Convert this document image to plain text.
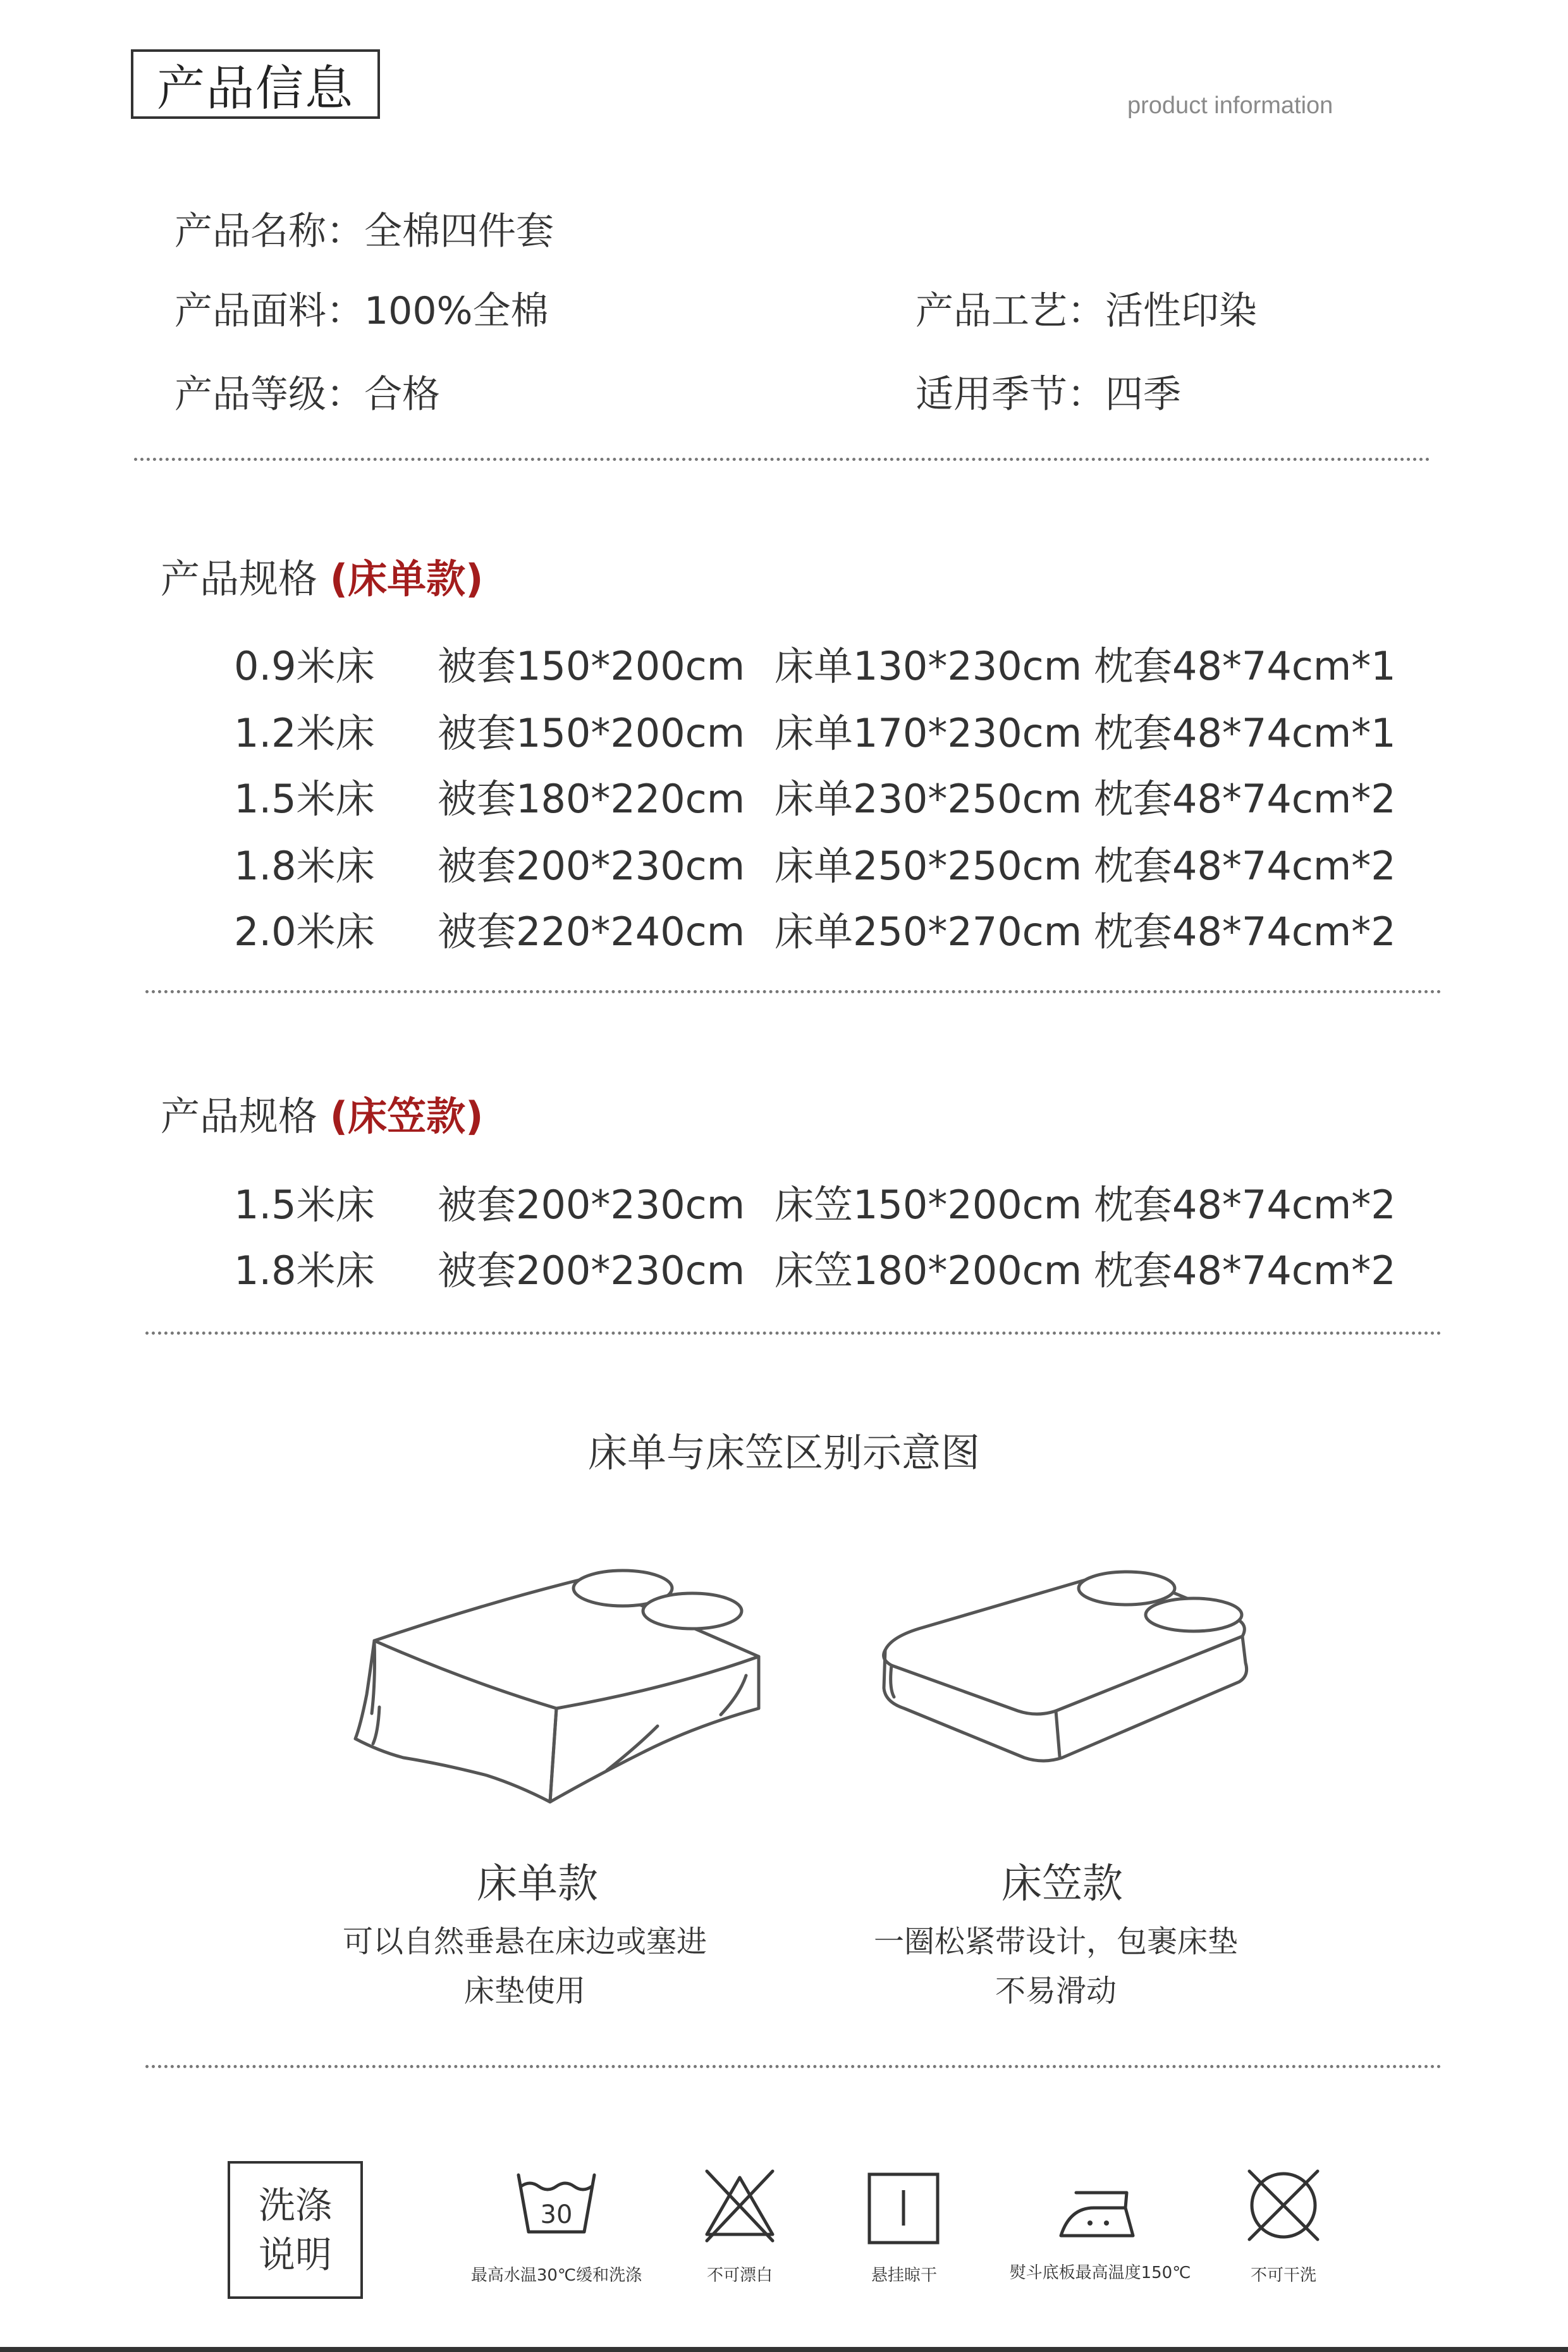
产品信息	product information
产品名称：全棉四件套
产品面料：100%全棉
产品等级：合格
产品工艺：活性印染
适用季节：四季
产品规格 (床单款)
0.9米床 被套150*200cm 床单130*230cm 枕套48*74cm*1
1.2米床 被套150*200cm 床单170*230cm 枕套48*74cm*1
1.5米床 被套180*220cm 床单230*250cm 枕套48*74cm*2
1.8米床 被套200*230cm 床单250*250cm 枕套48*74cm*2
2.0米床 被套220*240cm 床单250*270cm 枕套48*74cm*2
产品规格 (床笠款)
1.5米床 被套200*230cm 床笠150*200cm 枕套48*74cm*2
1.8米床 被套200*230cm 床笠180*200cm 枕套48*74cm*2
床单与床笠区别示意图
床单款
可以自然垂悬在床边或塞进
床垫使用
床笠款
一圈松紧带设计，包裹床垫
不易滑动
洗涤
说明
30
最高水温30℃缓和洗涤	不可漂白	悬挂晾干	熨斗底板最高温度150℃	不可干洗
